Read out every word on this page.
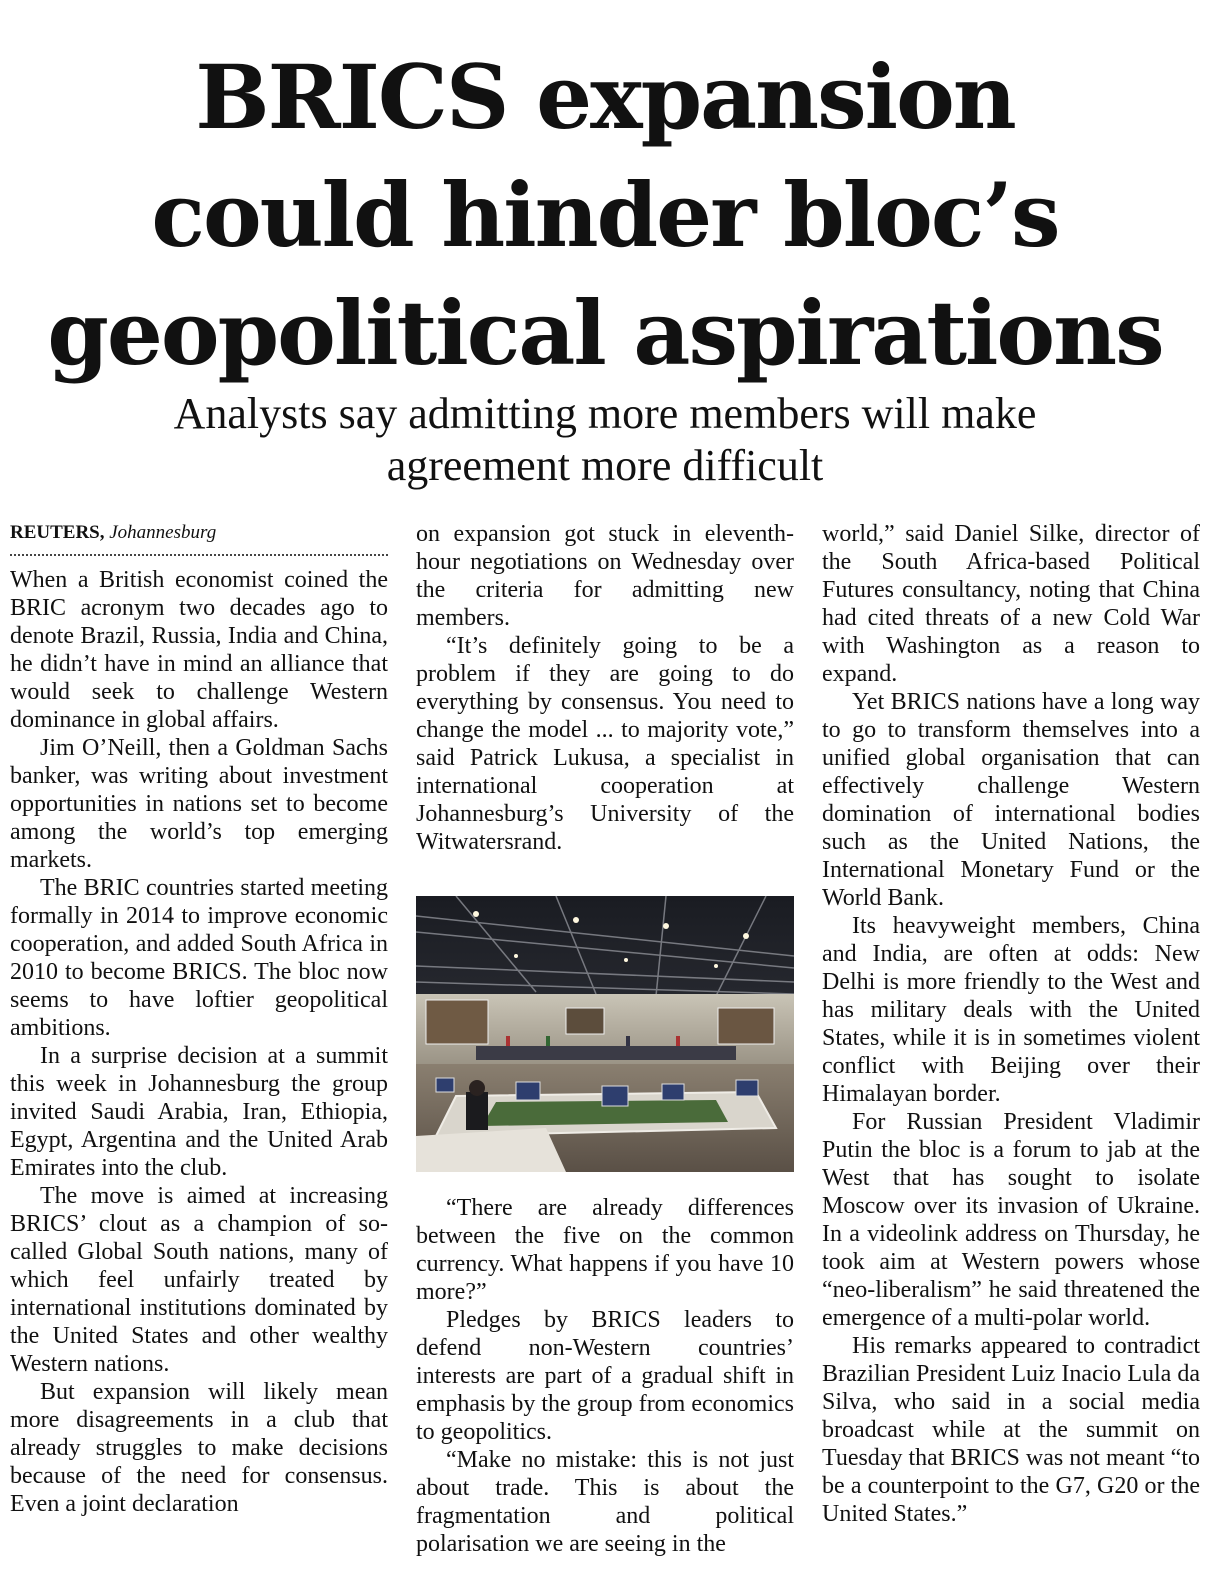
BRICS expansion
could hinder bloc’s
geopolitical aspirations
Analysts say admitting more members will make
agreement more difficult
REUTERS, Johannesburg

When a British economist coined the BRIC acronym two decades ago to denote Brazil, Russia, India and China, he didn’t have in mind an alliance that would seek to challenge Western dominance in global affairs.

Jim O’Neill, then a Goldman Sachs banker, was writing about investment opportunities in nations set to become among the world’s top emerging markets.

The BRIC countries started meeting formally in 2014 to improve economic cooperation, and added South Africa in 2010 to become BRICS. The bloc now seems to have loftier geopolitical ambitions.

In a surprise decision at a summit this week in Johannesburg the group invited Saudi Arabia, Iran, Ethiopia, Egypt, Argentina and the United Arab Emirates into the club.

The move is aimed at increasing BRICS’ clout as a champion of so-called Global South nations, many of which feel unfairly treated by international institutions dominated by the United States and other wealthy Western nations.

But expansion will likely mean more disagreements in a club that already struggles to make decisions because of the need for consensus. Even a joint declaration

on expansion got stuck in eleventh-hour negotiations on Wednesday over the criteria for admitting new members.

“It’s definitely going to be a problem if they are going to do everything by consensus. You need to change the model ... to majority vote,” said Patrick Lukusa, a specialist in international cooperation at Johannesburg’s University of the Witwatersrand.

“There are already differences between the five on the common currency. What happens if you have 10 more?”

Pledges by BRICS leaders to defend non-Western countries’ interests are part of a gradual shift in emphasis by the group from economics to geopolitics.

“Make no mistake: this is not just about trade. This is about the fragmentation and political polarisation we are seeing in the

world,” said Daniel Silke, director of the South Africa-based Political Futures consultancy, noting that China had cited threats of a new Cold War with Washington as a reason to expand.

Yet BRICS nations have a long way to go to transform themselves into a unified global organisation that can effectively challenge Western domination of international bodies such as the United Nations, the International Monetary Fund or the World Bank.

Its heavyweight members, China and India, are often at odds: New Delhi is more friendly to the West and has military deals with the United States, while it is in sometimes violent conflict with Beijing over their Himalayan border.

For Russian President Vladimir Putin the bloc is a forum to jab at the West that has sought to isolate Moscow over its invasion of Ukraine. In a videolink address on Thursday, he took aim at Western powers whose “neo-liberalism” he said threatened the emergence of a multi-polar world.

His remarks appeared to contradict Brazilian President Luiz Inacio Lula da Silva, who said in a social media broadcast while at the summit on Tuesday that BRICS was not meant “to be a counterpoint to the G7, G20 or the United States.”
